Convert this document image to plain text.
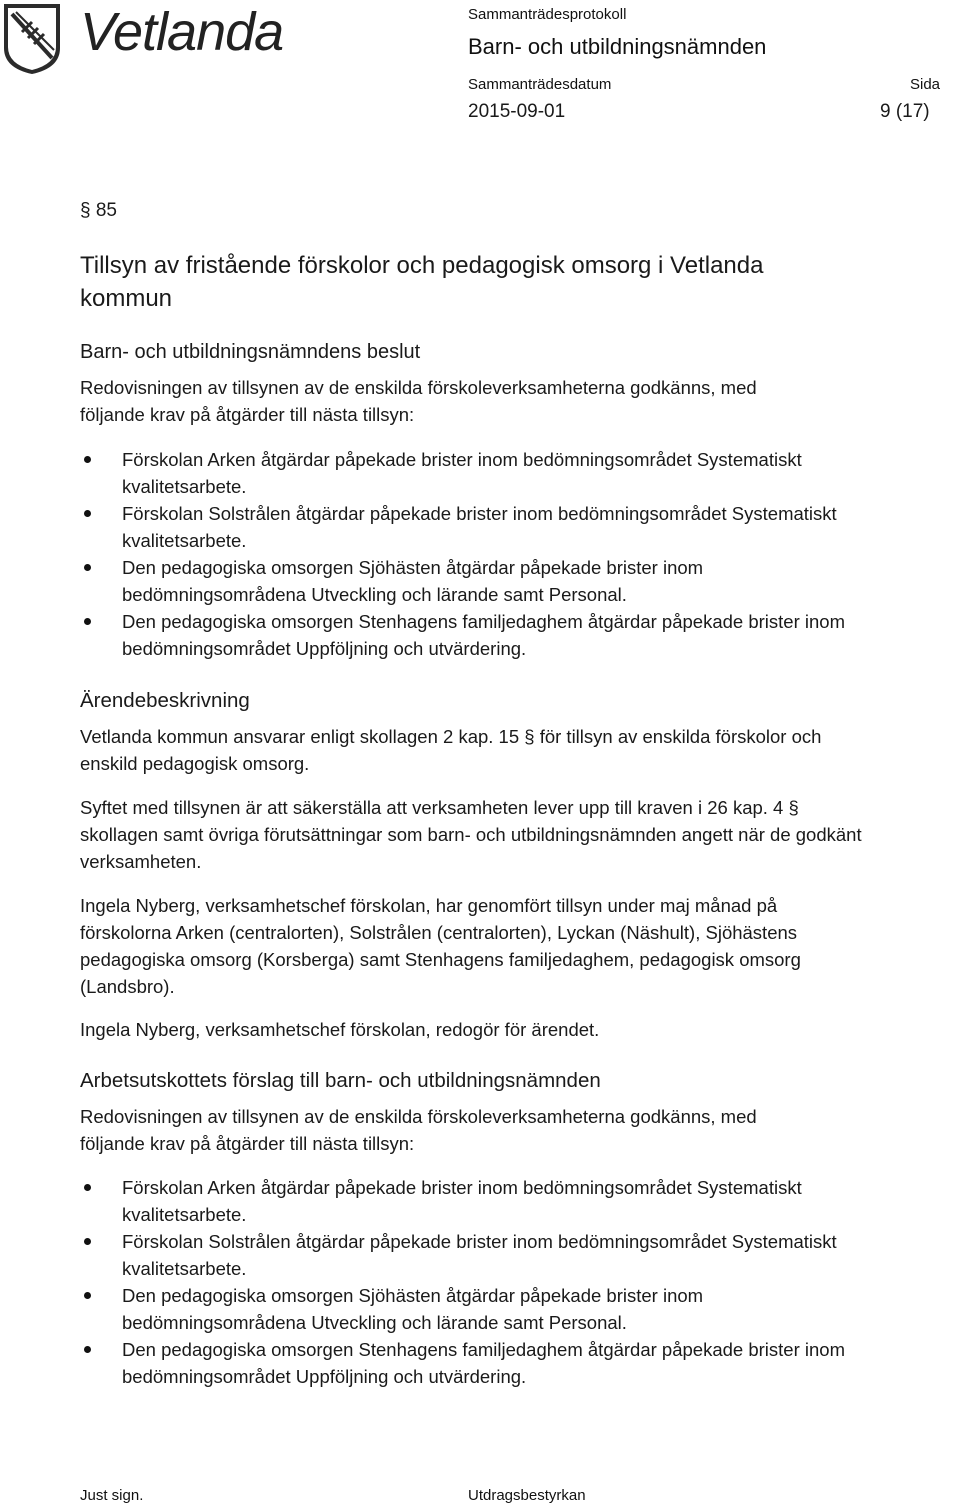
Vetlanda	Sammanträdesprotokoll
Barn- och utbildningsnämnden
Sammanträdesdatum	Sida
2015-09-01	9 (17)
§ 85
Tillsyn av fristående förskolor och pedagogisk omsorg i Vetlanda kommun
Barn- och utbildningsnämndens beslut
Redovisningen av tillsynen av de enskilda förskoleverksamheterna godkänns, med följande krav på åtgärder till nästa tillsyn:
Förskolan Arken åtgärdar påpekade brister inom bedömningsområdet Systematiskt kvalitetsarbete.
Förskolan Solstrålen åtgärdar påpekade brister inom bedömningsområdet Systematiskt kvalitetsarbete.
Den pedagogiska omsorgen Sjöhästen åtgärdar påpekade brister inom bedömningsområdena Utveckling och lärande samt Personal.
Den pedagogiska omsorgen Stenhagens familjedaghem åtgärdar påpekade brister inom bedömningsområdet Uppföljning och utvärdering.
Ärendebeskrivning
Vetlanda kommun ansvarar enligt skollagen 2 kap. 15 § för tillsyn av enskilda förskolor och enskild pedagogisk omsorg.
Syftet med tillsynen är att säkerställa att verksamheten lever upp till kraven i 26 kap. 4 § skollagen samt övriga förutsättningar som barn- och utbildningsnämnden angett när de godkänt verksamheten.
Ingela Nyberg, verksamhetschef förskolan, har genomfört tillsyn under maj månad på förskolorna Arken (centralorten), Solstrålen (centralorten), Lyckan (Näshult), Sjöhästens pedagogiska omsorg (Korsberga) samt Stenhagens familjedaghem, pedagogisk omsorg (Landsbro).
Ingela Nyberg, verksamhetschef förskolan, redogör för ärendet.
Arbetsutskottets förslag till barn- och utbildningsnämnden
Redovisningen av tillsynen av de enskilda förskoleverksamheterna godkänns, med följande krav på åtgärder till nästa tillsyn:
Förskolan Arken åtgärdar påpekade brister inom bedömningsområdet Systematiskt kvalitetsarbete.
Förskolan Solstrålen åtgärdar påpekade brister inom bedömningsområdet Systematiskt kvalitetsarbete.
Den pedagogiska omsorgen Sjöhästen åtgärdar påpekade brister inom bedömningsområdena Utveckling och lärande samt Personal.
Den pedagogiska omsorgen Stenhagens familjedaghem åtgärdar påpekade brister inom bedömningsområdet Uppföljning och utvärdering.
Just sign.	Utdragsbestyrkan
